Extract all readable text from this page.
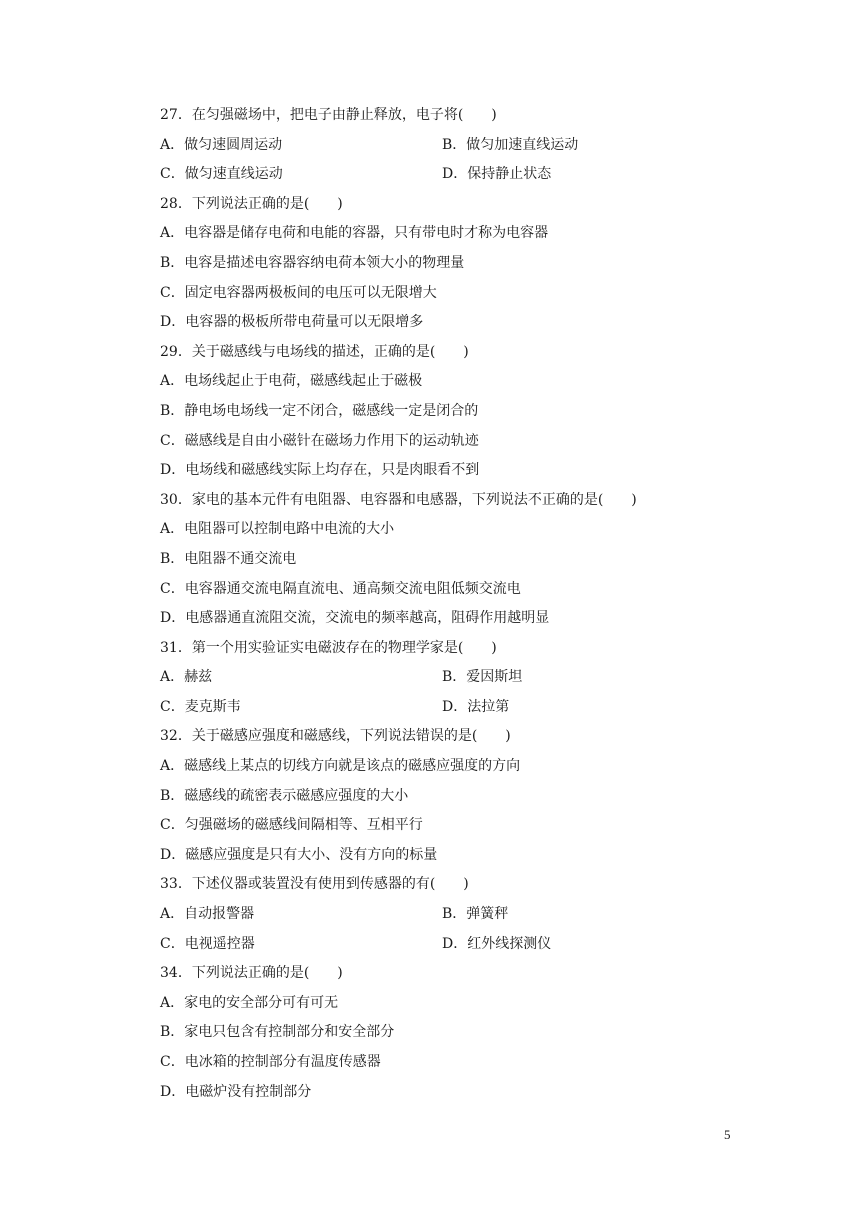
27．在匀强磁场中，把电子由静止释放，电子将(　　)
A．做匀速圆周运动	B．做匀加速直线运动
C．做匀速直线运动	D．保持静止状态
28．下列说法正确的是(　　)
A．电容器是储存电荷和电能的容器，只有带电时才称为电容器
B．电容是描述电容器容纳电荷本领大小的物理量
C．固定电容器两极板间的电压可以无限增大
D．电容器的极板所带电荷量可以无限增多
29．关于磁感线与电场线的描述，正确的是(　　)
A．电场线起止于电荷，磁感线起止于磁极
B．静电场电场线一定不闭合，磁感线一定是闭合的
C．磁感线是自由小磁针在磁场力作用下的运动轨迹
D．电场线和磁感线实际上均存在，只是肉眼看不到
30．家电的基本元件有电阻器、电容器和电感器，下列说法不正确的是(　　)
A．电阻器可以控制电路中电流的大小
B．电阻器不通交流电
C．电容器通交流电隔直流电、通高频交流电阻低频交流电
D．电感器通直流阻交流，交流电的频率越高，阻碍作用越明显
31．第一个用实验证实电磁波存在的物理学家是(　　)
A．赫兹	B．爱因斯坦
C．麦克斯韦	D．法拉第
32．关于磁感应强度和磁感线，下列说法错误的是(　　)
A．磁感线上某点的切线方向就是该点的磁感应强度的方向
B．磁感线的疏密表示磁感应强度的大小
C．匀强磁场的磁感线间隔相等、互相平行
D．磁感应强度是只有大小、没有方向的标量
33．下述仪器或装置没有使用到传感器的有(　　)
A．自动报警器	B．弹簧秤
C．电视遥控器	D．红外线探测仪
34．下列说法正确的是(　　)
A．家电的安全部分可有可无
B．家电只包含有控制部分和安全部分
C．电冰箱的控制部分有温度传感器
D．电磁炉没有控制部分
5
